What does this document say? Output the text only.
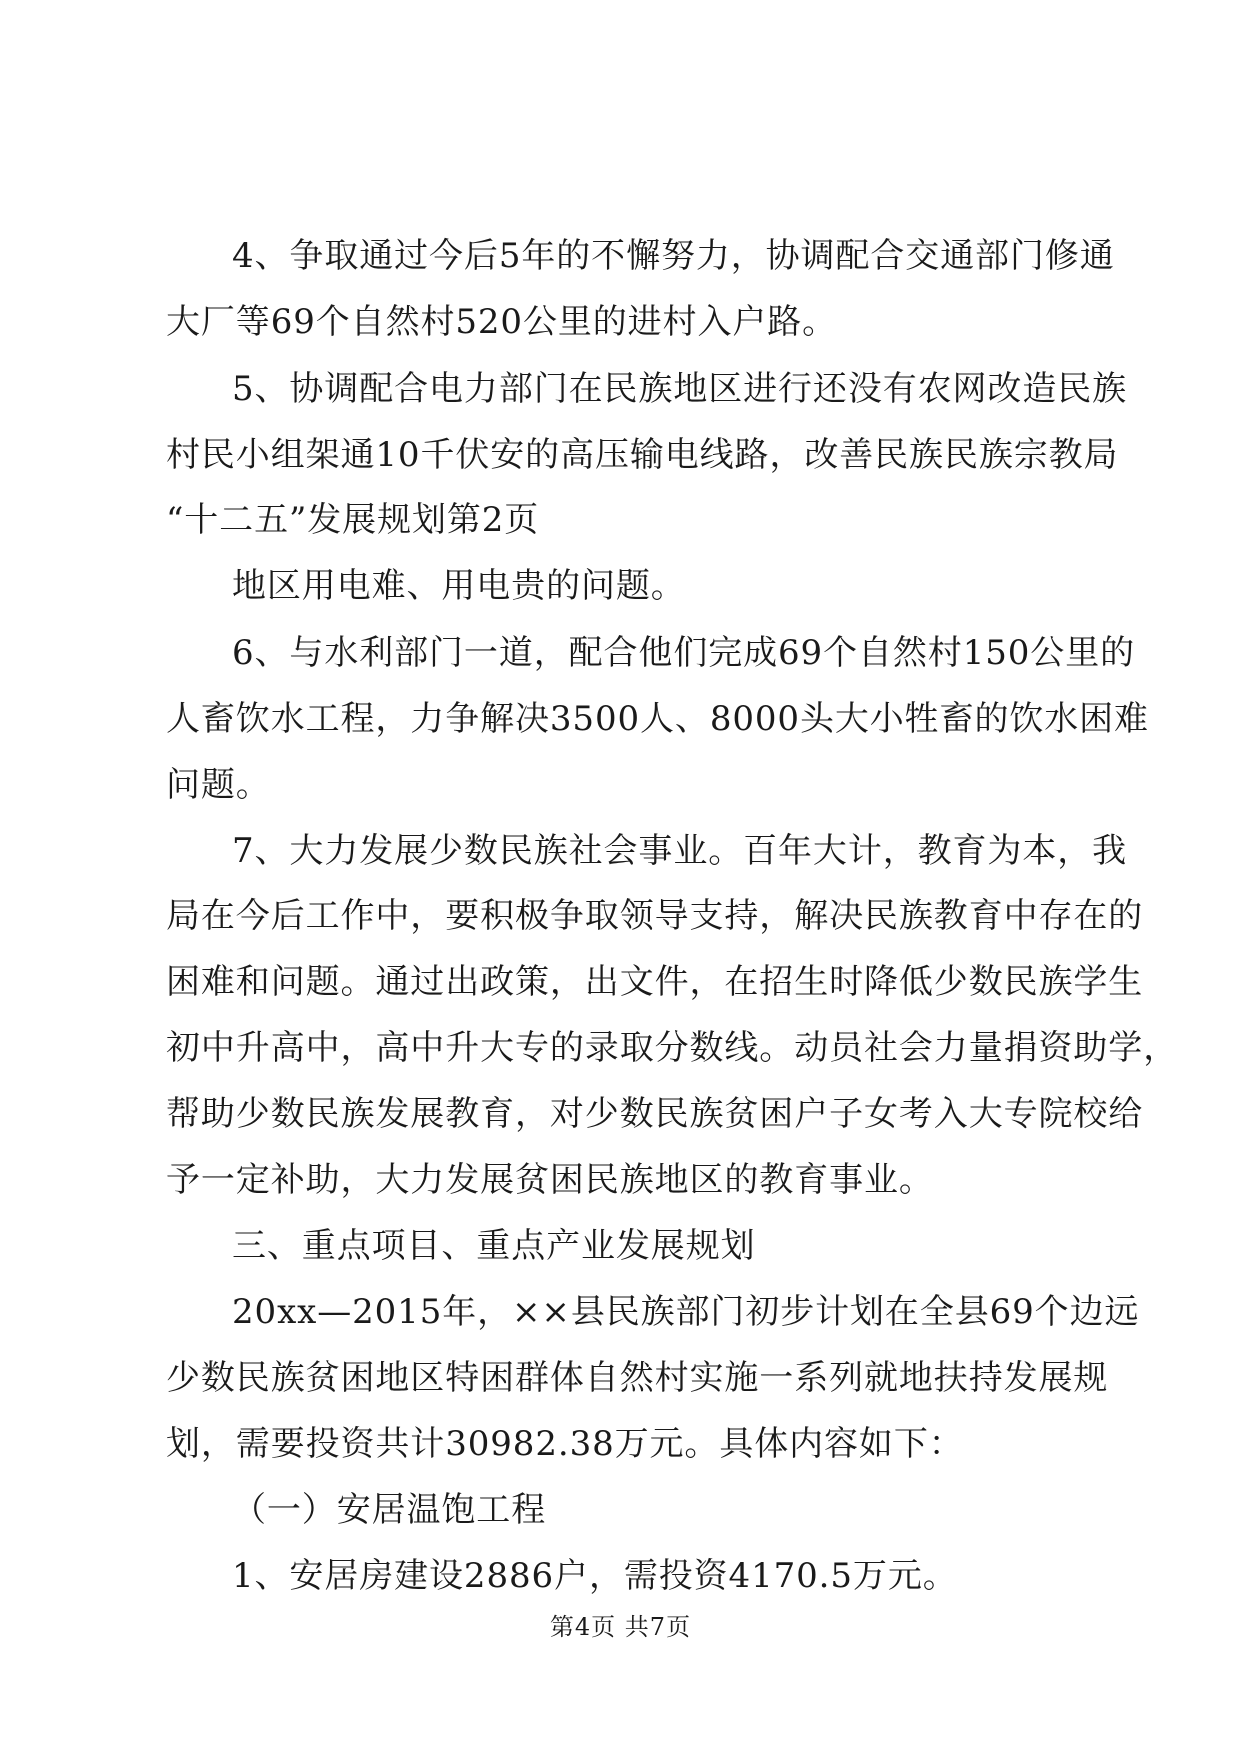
4、争取通过今后5年的不懈努力，协调配合交通部门修通
大厂等69个自然村520公里的进村入户路。
5、协调配合电力部门在民族地区进行还没有农网改造民族
村民小组架通10千伏安的高压输电线路，改善民族民族宗教局
“十二五”发展规划第2页
地区用电难、用电贵的问题。
6、与水利部门一道，配合他们完成69个自然村150公里的
人畜饮水工程，力争解决3500人、8000头大小牲畜的饮水困难
问题。
7、大力发展少数民族社会事业。百年大计，教育为本，我
局在今后工作中，要积极争取领导支持，解决民族教育中存在的
困难和问题。通过出政策，出文件，在招生时降低少数民族学生
初中升高中，高中升大专的录取分数线。动员社会力量捐资助学，
帮助少数民族发展教育，对少数民族贫困户子女考入大专院校给
予一定补助，大力发展贫困民族地区的教育事业。
三、重点项目、重点产业发展规划
20xx—2015年，××县民族部门初步计划在全县69个边远
少数民族贫困地区特困群体自然村实施一系列就地扶持发展规
划，需要投资共计30982.38万元。具体内容如下：
（一）安居温饱工程
1、安居房建设2886户，需投资4170.5万元。
第4页 共7页
